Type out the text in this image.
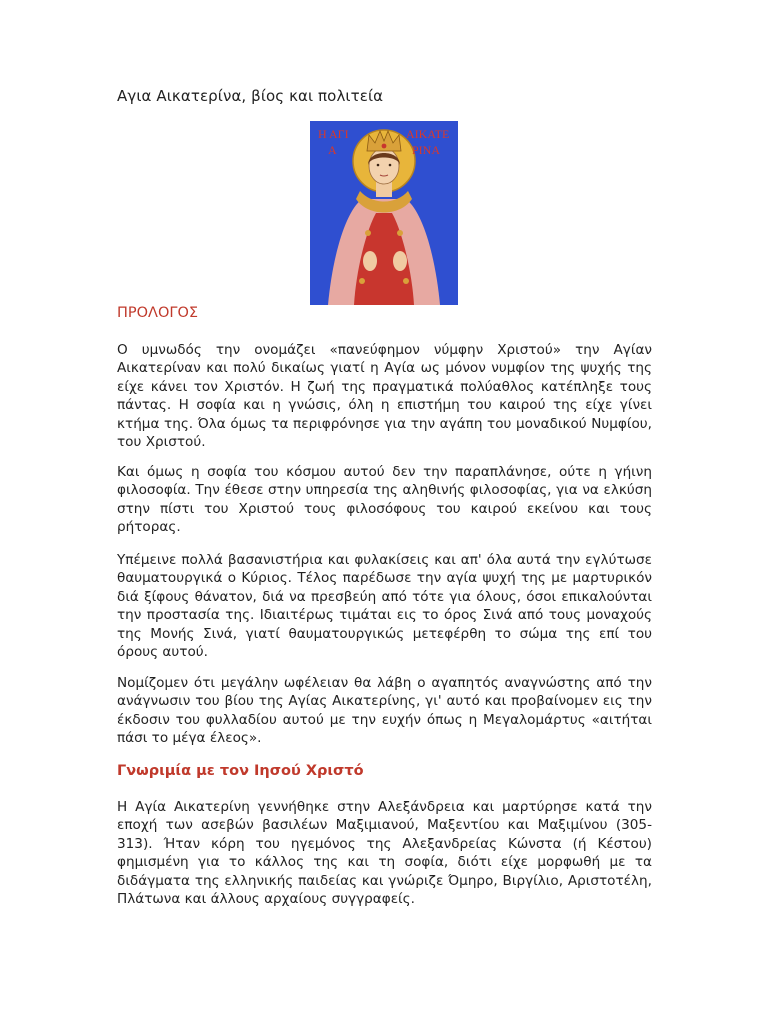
Αγια Αικατερίνα, βίος και πολιτεία
Η ΑΓΙ
Α
ΑΙΚΑΤΕ
ΡΙΝΑ
ΠΡΟΛΟΓΟΣ

Ο υμνωδός την ονομάζει «πανεύφημον νύμφην Χριστού» την Αγίαν Αικατερίναν και πολύ δικαίως γιατί η Αγία ως μόνον νυμφίον της ψυχής της είχε κάνει τον Χριστόν. Η ζωή της πραγματικά πολύαθλος κατέπληξε τους πάντας. Η σοφία και η γνώσις, όλη η επιστήμη του καιρού της είχε γίνει κτήμα της. Όλα όμως τα περιφρόνησε για την αγάπη του μοναδικού Νυμφίου, του Χριστού.

Και όμως η σοφία του κόσμου αυτού δεν την παραπλάνησε, ούτε η γήινη φιλοσοφία. Την έθεσε στην υπηρεσία της αληθινής φιλοσοφίας, για να ελκύση στην πίστι του Χριστού τους φιλοσόφους του καιρού εκείνου και τους ρήτορας.

Υπέμεινε πολλά βασανιστήρια και φυλακίσεις και απ' όλα αυτά την εγλύτωσε θαυματουργικά ο Κύριος. Τέλος παρέδωσε την αγία ψυχή της με μαρτυρικόν διά ξίφους θάνατον, διά να πρεσβεύη από τότε για όλους, όσοι επικαλούνται την προστασία της. Ιδιαιτέρως τιμάται εις το όρος Σινά από τους μοναχούς της Μονής Σινά, γιατί θαυματουργικώς μετεφέρθη το σώμα της επί του όρους αυτού.

Νομίζομεν ότι μεγάλην ωφέλειαν θα λάβη ο αγαπητός αναγνώστης από την ανάγνωσιν του βίου της Αγίας Αικατερίνης, γι' αυτό και προβαίνομεν εις την έκδοσιν του φυλλαδίου αυτού με την ευχήν όπως η Μεγαλομάρτυς «αιτήται πάσι το μέγα έλεος».

Γνωριμία με τον Ιησού Χριστό

Η Αγία Αικατερίνη γεννήθηκε στην Αλεξάνδρεια και μαρτύρησε κατά την εποχή των ασεβών βασιλέων Μαξιμιανού, Μαξεντίου και Μαξιμίνου (305-313). Ήταν κόρη του ηγεμόνος της Αλεξανδρείας Κώνστα (ή Κέστου) φημισμένη για το κάλλος της και τη σοφία, διότι είχε μορφωθή με τα διδάγματα της ελληνικής παιδείας και γνώριζε Όμηρο, Βιργίλιο, Αριστοτέλη, Πλάτωνα και άλλους αρχαίους συγγραφείς.
